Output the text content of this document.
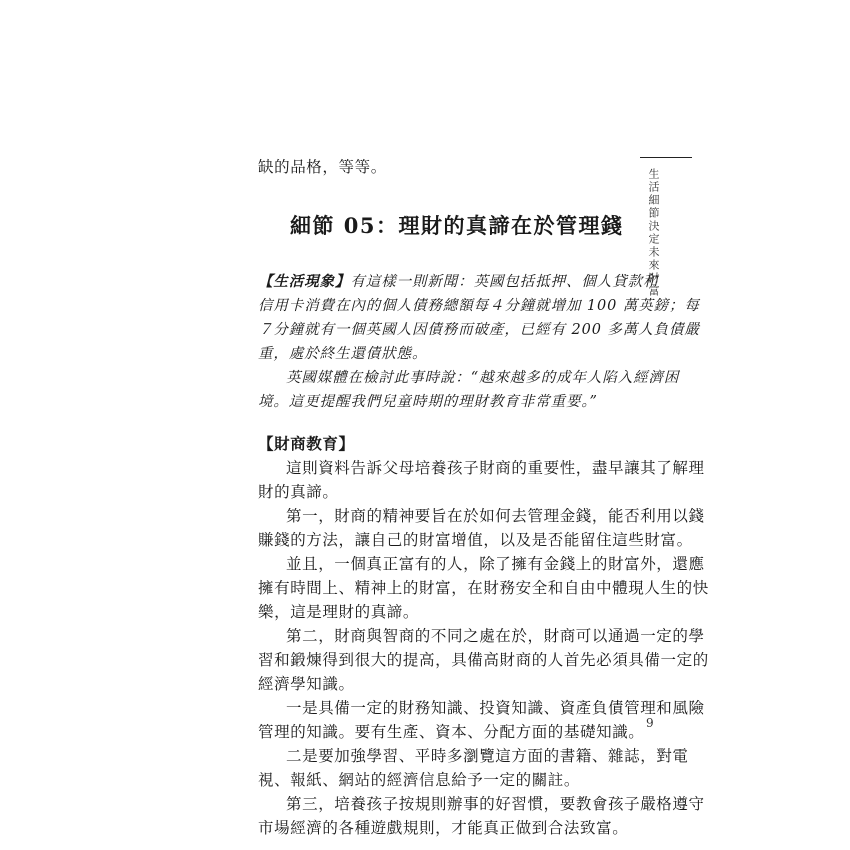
缺的品格，等等。
【生活現象】有這樣一則新聞：英國包括抵押、個人貸款和
信用卡消費在內的個人債務總額每４分鐘就增加 100 萬英鎊；每
７分鐘就有一個英國人因債務而破產，已經有 200 多萬人負債嚴
重，處於終生還債狀態。
英國媒體在檢討此事時說：“越來越多的成年人陷入經濟困
境。這更提醒我們兒童時期的理財教育非常重要。”
【財商教育】
這則資料告訴父母培養孩子財商的重要性，盡早讓其了解理
財的真諦。
第一，財商的精神要旨在於如何去管理金錢，能否利用以錢
賺錢的方法，讓自己的財富增值，以及是否能留住這些財富。
並且，一個真正富有的人，除了擁有金錢上的財富外，還應
擁有時間上、精神上的財富，在財務安全和自由中體現人生的快
樂，這是理財的真諦。
第二，財商與智商的不同之處在於，財商可以通過一定的學
習和鍛煉得到很大的提高，具備高財商的人首先必須具備一定的
經濟學知識。
一是具備一定的財務知識、投資知識、資產負債管理和風險
管理的知識。要有生產、資本、分配方面的基礎知識。
二是要加強學習、平時多瀏覽這方面的書籍、雜誌，對電
視、報紙、網站的經濟信息給予一定的關註。
第三，培養孩子按規則辦事的好習慣，要教會孩子嚴格遵守
市場經濟的各種遊戲規則，才能真正做到合法致富。
細節 05：理財的真諦在於管理錢 生活細節決定未來財富
9
